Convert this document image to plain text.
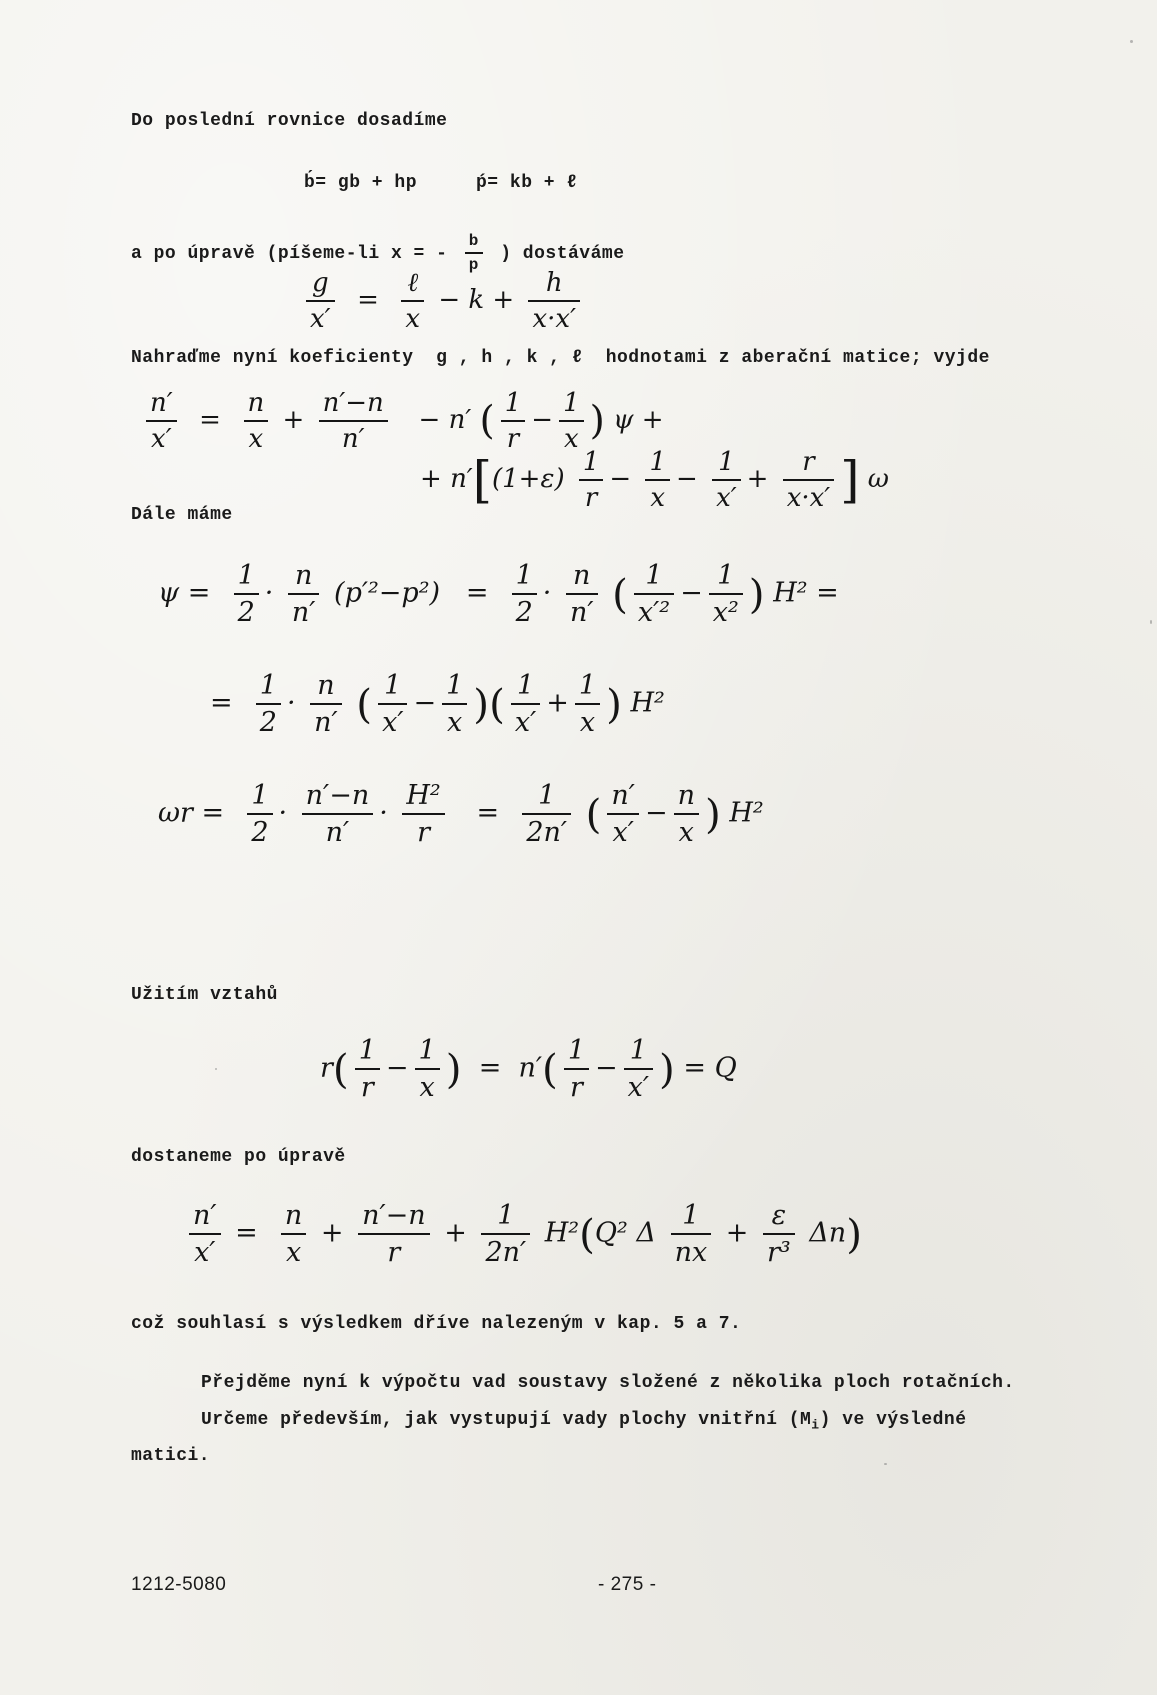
Do poslední rovnice dosadíme
b́= gb + hp	ṕ= kb + ℓ
a po úpravě (píšeme-li x = - $\frac{b}{p}$ ) dostáváme
$\frac{g}{x'} = \frac{\text{ℓ}}{x} - k + \frac{h}{x\cdot x'}$
Nahraďme nyní koeficienty g , h , k , ℓ hodnotami z aberační matice; vyjde
$\frac{n'}{x'} = \frac{n}{x} + \frac{n'-n}{n'} - n'$ ( $\frac{1}{r} - \frac{1}{x}$ ) ψ +
+ $n'[(1+\varepsilon) \frac{1}{r} - \frac{1}{x} - \frac{1}{x'} + \frac{r}{x\cdot x'}$ ] ω
Dále máme
$\psi = \frac{1}{2} \cdot \frac{n}{n'} (p'^2-p^2) = \frac{1}{2} \cdot \frac{n}{n'}$ ( $\frac{1}{\text{x′²}} - \frac{1}{\text{x²}}$ ) H² =
= $\frac{1}{2} \cdot \frac{n}{n'}$ ( $\frac{1}{x'} - \frac{1}{x}$ )( $\frac{1}{x'} + \frac{1}{x}$ ) H²
$\omega r = \frac{1}{2} \cdot \frac{n'-n}{n'} \cdot \frac{\text{H²}}{r} = \frac{1}{2n'}$ ( $\frac{n'}{x'} - \frac{n}{x}$ ) H²
Užitím vztahů
$r( \frac{1}{r} - \frac{1}{x}$ )  =  $n'( \frac{1}{r} - \frac{1}{x'}$ ) = Q
dostaneme po úpravě
$\frac{n'}{x'} = \frac{n}{x} + \frac{n'-n}{r} + \frac{1}{2n'} H^2(Q^2$ Δ $\frac{1}{nx} + \frac{\varepsilon}{\text{r³}} \Delta n$)
což souhlasí s výsledkem dříve nalezeným v kap. 5 a 7.
Přejděme nyní k výpočtu vad soustavy složené z několika ploch rotačních.
Určeme především, jak vystupují vady plochy vnitřní $(M_i)$ ve výsledné
matici.
1212-5080	- 275 -
